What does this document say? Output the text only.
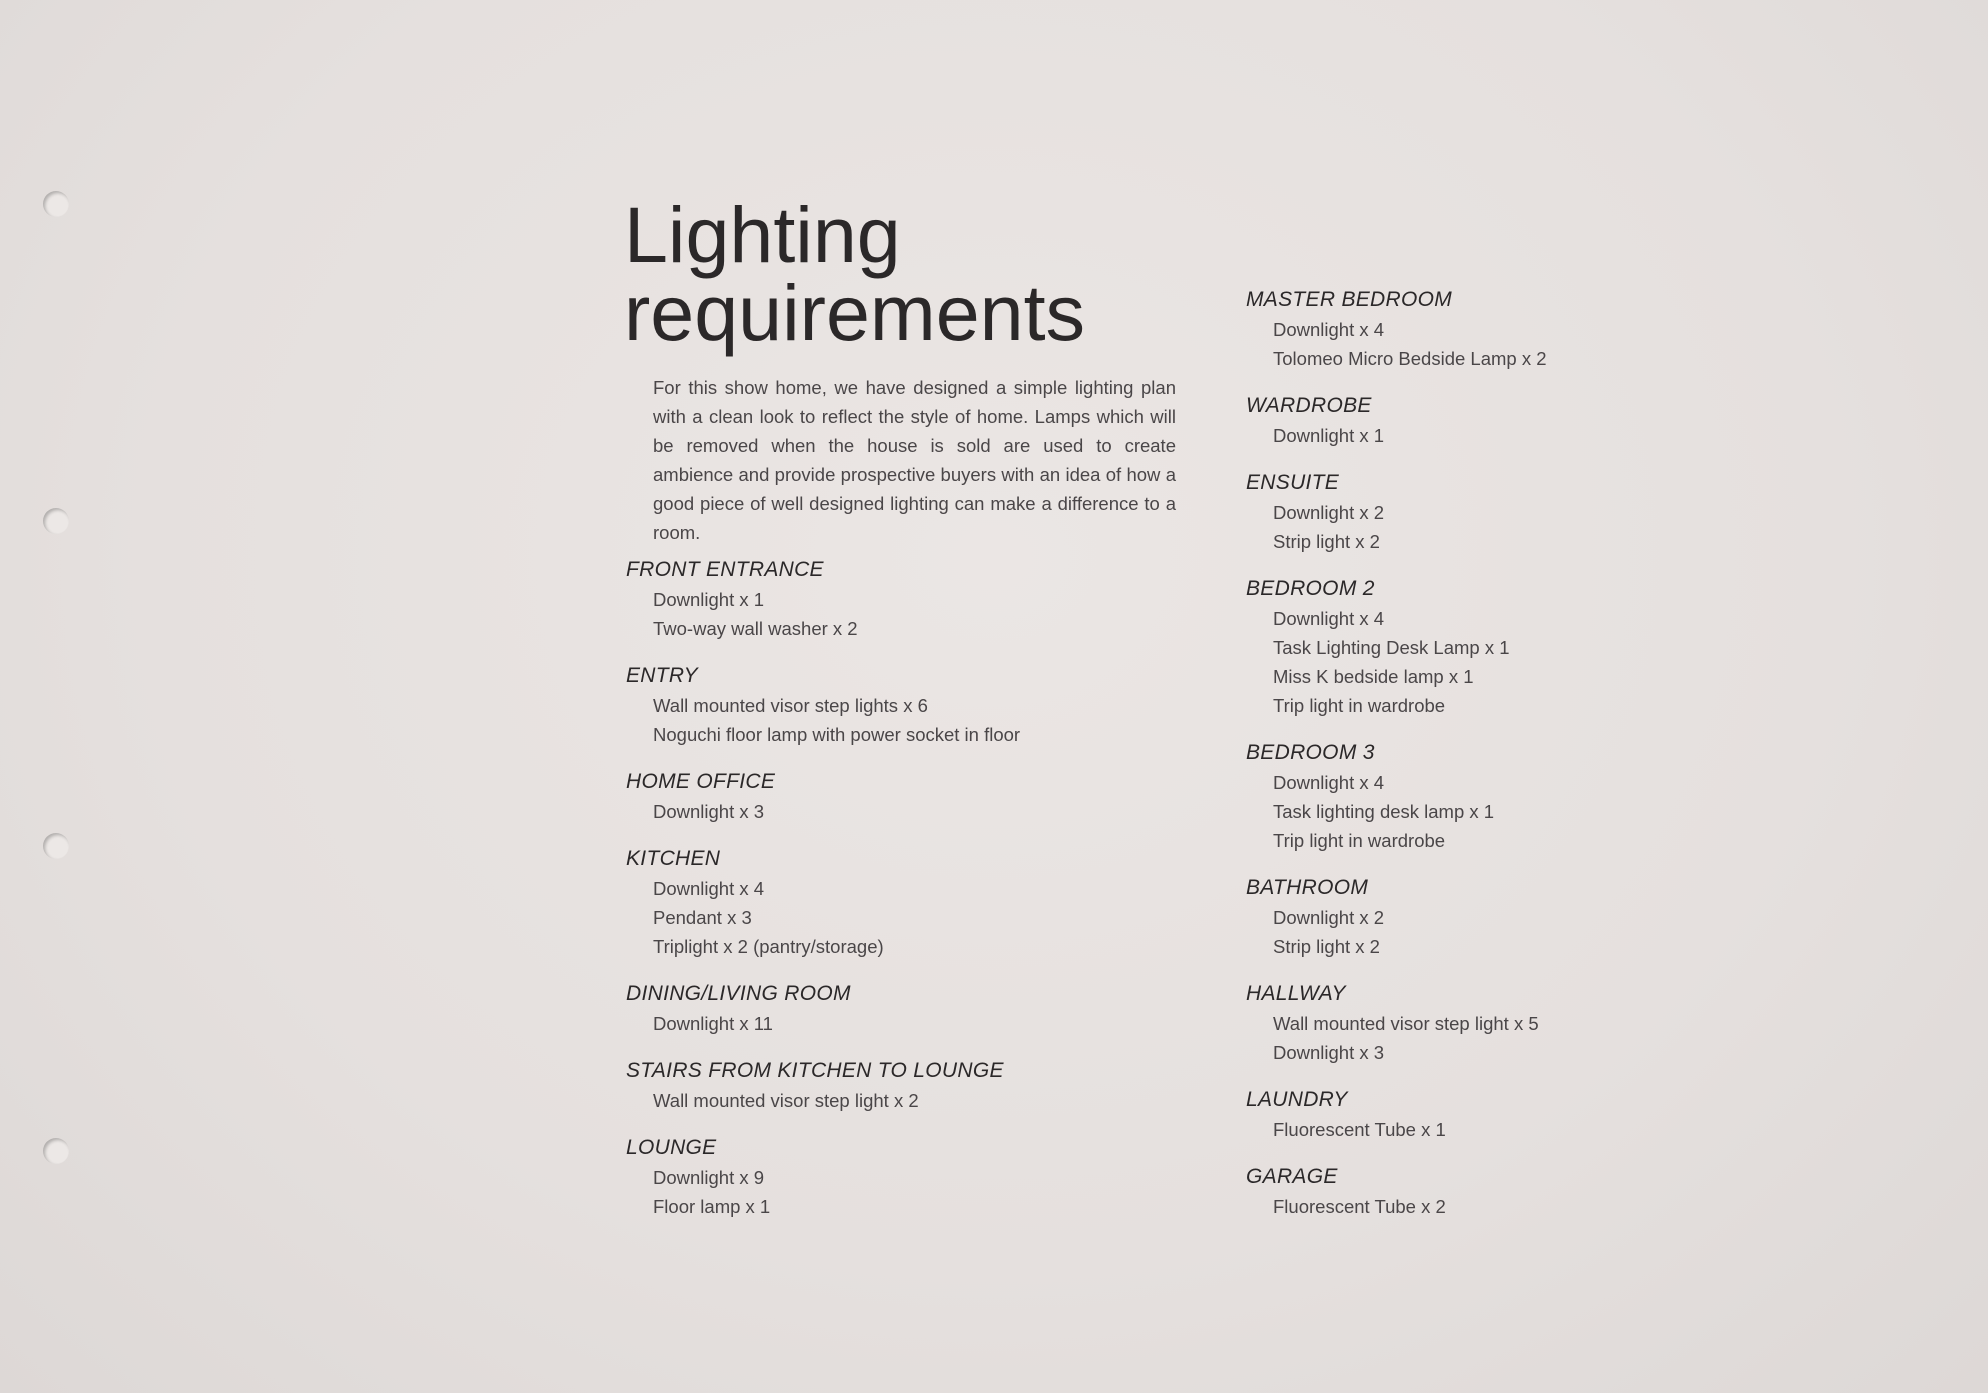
Lighting
requirements

For this show home, we have designed a simple lighting plan with a clean look to reflect the style of home. Lamps which will be removed when the house is sold are used to create ambience and provide prospective buyers with an idea of how a good piece of well designed lighting can make a difference to a room.

FRONT ENTRANCE
Downlight x 1
Two-way wall washer x 2
ENTRY
Wall mounted visor step lights x 6
Noguchi floor lamp with power socket in floor
HOME OFFICE
Downlight x 3
KITCHEN
Downlight x 4
Pendant x 3
Triplight x 2 (pantry/storage)
DINING/LIVING ROOM
Downlight x 11
STAIRS FROM KITCHEN TO LOUNGE
Wall mounted visor step light x 2
LOUNGE
Downlight x 9
Floor lamp x 1
MASTER BEDROOM
Downlight x 4
Tolomeo Micro Bedside Lamp x 2
WARDROBE
Downlight x 1
ENSUITE
Downlight x 2
Strip light x 2
BEDROOM 2
Downlight x 4
Task Lighting Desk Lamp x 1
Miss K bedside lamp x 1
Trip light in wardrobe
BEDROOM 3
Downlight x 4
Task lighting desk lamp x 1
Trip light in wardrobe
BATHROOM
Downlight x 2
Strip light x 2
HALLWAY
Wall mounted visor step light x 5
Downlight x 3
LAUNDRY
Fluorescent Tube x 1
GARAGE
Fluorescent Tube x 2
